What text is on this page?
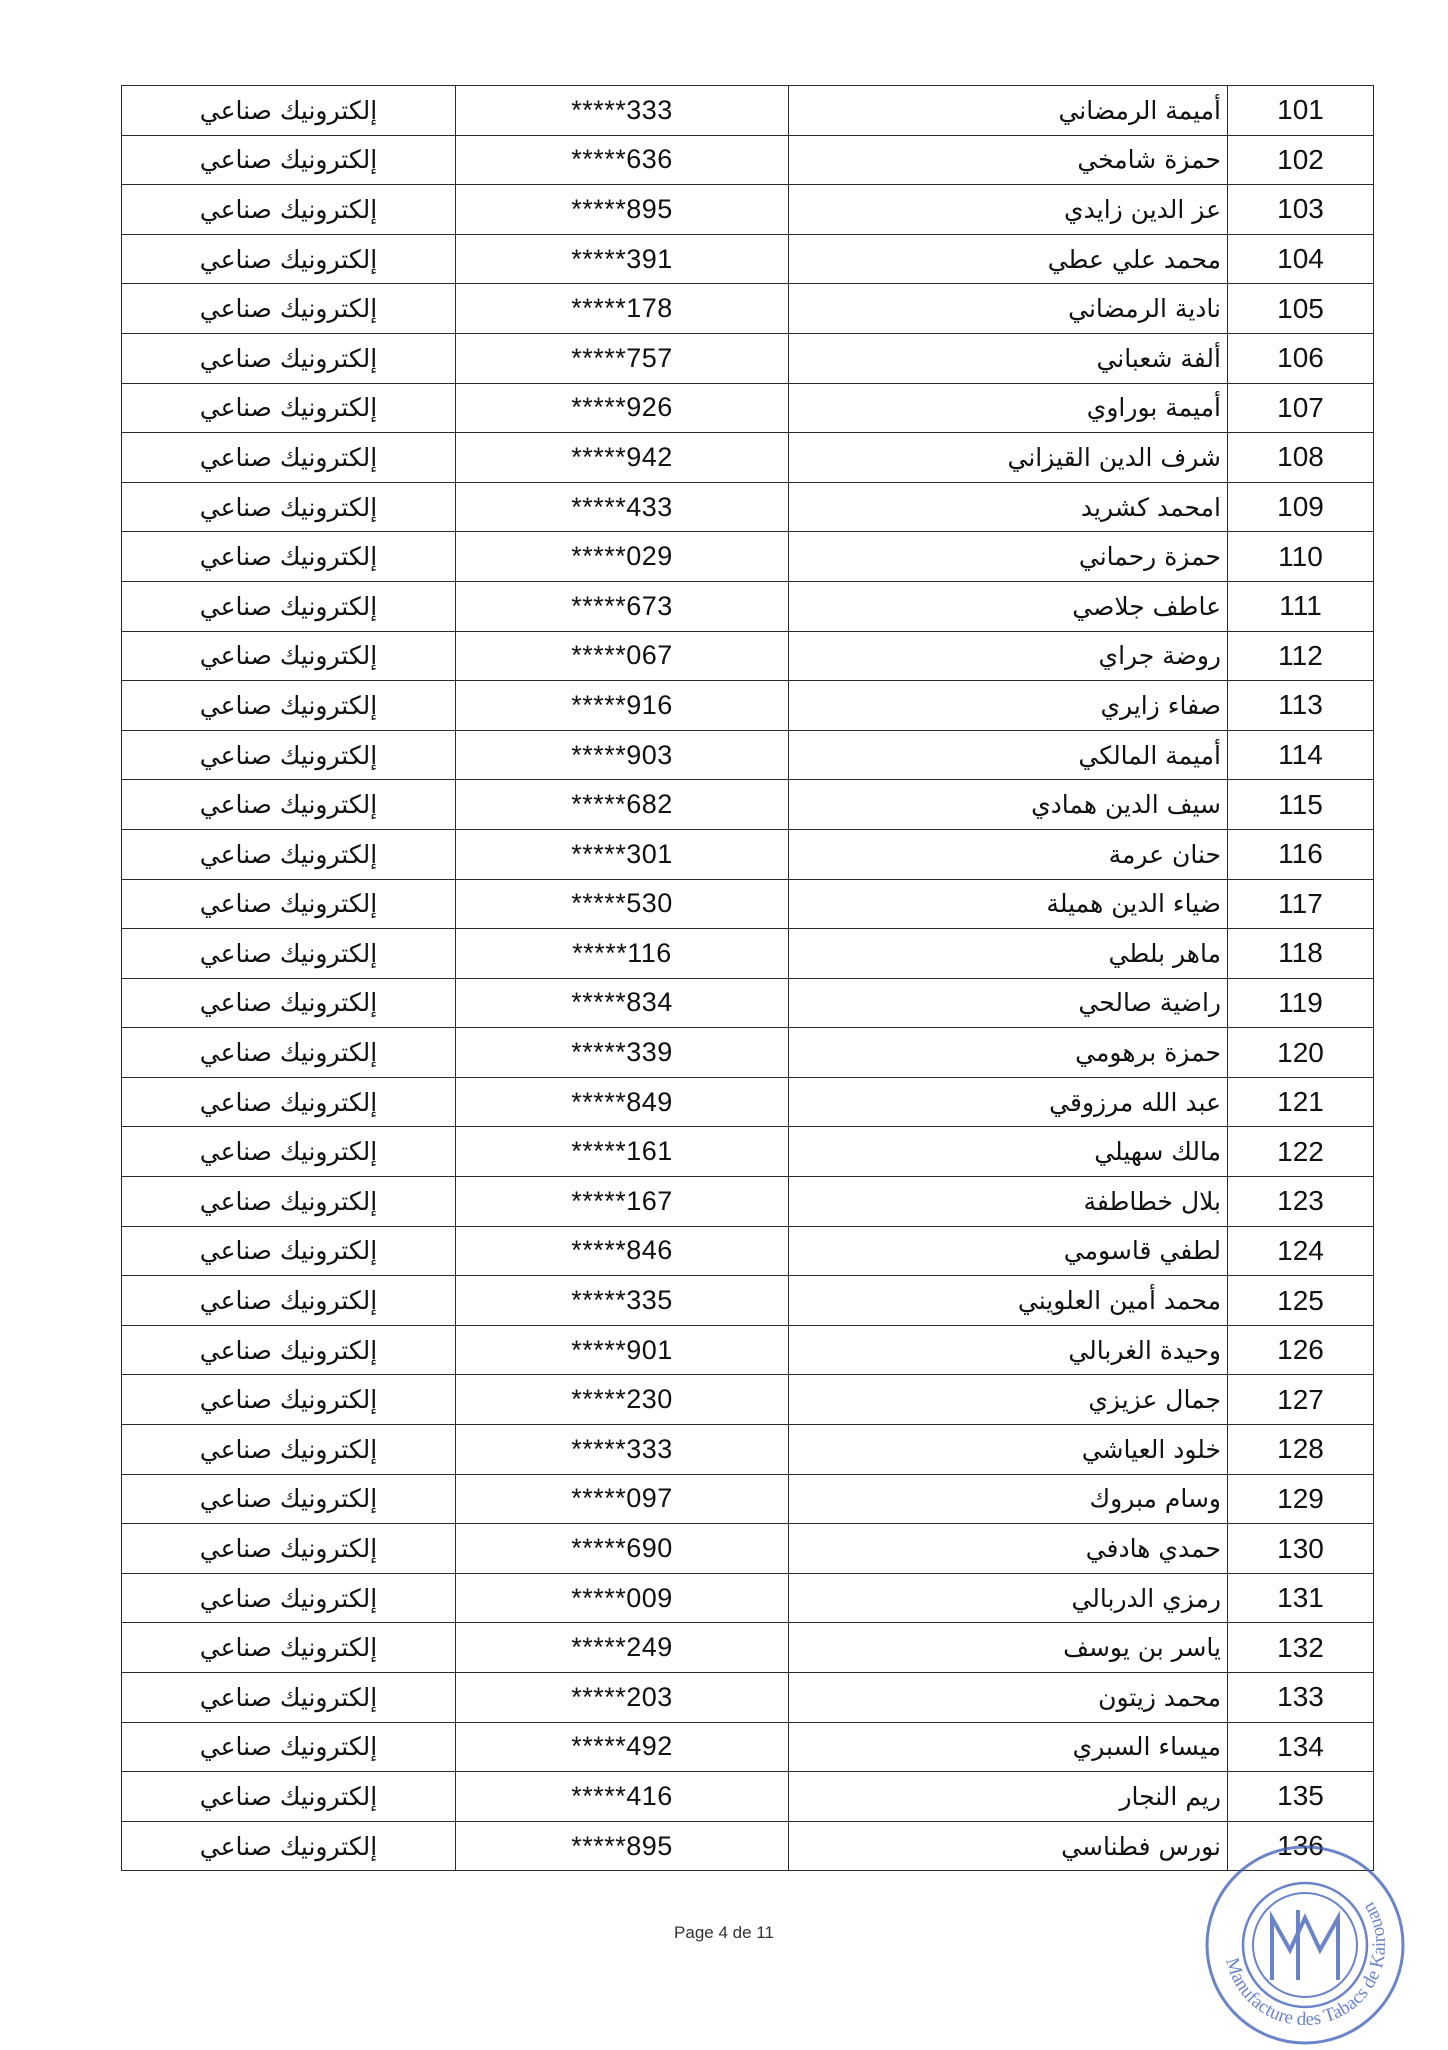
إلكترونيك صناعي	*****333	أميمة الرمضاني	101
إلكترونيك صناعي	*****636	حمزة شامخي	102
إلكترونيك صناعي	*****895	عز الدين زايدي	103
إلكترونيك صناعي	*****391	محمد علي عطي	104
إلكترونيك صناعي	*****178	نادية الرمضاني	105
إلكترونيك صناعي	*****757	ألفة شعباني	106
إلكترونيك صناعي	*****926	أميمة بوراوي	107
إلكترونيك صناعي	*****942	شرف الدين القيزاني	108
إلكترونيك صناعي	*****433	امحمد كشريد	109
إلكترونيك صناعي	*****029	حمزة رحماني	110
إلكترونيك صناعي	*****673	عاطف جلاصي	111
إلكترونيك صناعي	*****067	روضة جراي	112
إلكترونيك صناعي	*****916	صفاء زايري	113
إلكترونيك صناعي	*****903	أميمة المالكي	114
إلكترونيك صناعي	*****682	سيف الدين همادي	115
إلكترونيك صناعي	*****301	حنان عرمة	116
إلكترونيك صناعي	*****530	ضياء الدين هميلة	117
إلكترونيك صناعي	*****116	ماهر بلطي	118
إلكترونيك صناعي	*****834	راضية صالحي	119
إلكترونيك صناعي	*****339	حمزة برهومي	120
إلكترونيك صناعي	*****849	عبد الله مرزوقي	121
إلكترونيك صناعي	*****161	مالك سهيلي	122
إلكترونيك صناعي	*****167	بلال خطاطفة	123
إلكترونيك صناعي	*****846	لطفي قاسومي	124
إلكترونيك صناعي	*****335	محمد أمين العلويني	125
إلكترونيك صناعي	*****901	وحيدة الغربالي	126
إلكترونيك صناعي	*****230	جمال عزيزي	127
إلكترونيك صناعي	*****333	خلود العياشي	128
إلكترونيك صناعي	*****097	وسام مبروك	129
إلكترونيك صناعي	*****690	حمدي هادفي	130
إلكترونيك صناعي	*****009	رمزي الدربالي	131
إلكترونيك صناعي	*****249	ياسر بن يوسف	132
إلكترونيك صناعي	*****203	محمد زيتون	133
إلكترونيك صناعي	*****492	ميساء السبري	134
إلكترونيك صناعي	*****416	ريم النجار	135
إلكترونيك صناعي	*****895	نورس فطناسي	136
Page 4 de 11
Manufacture des Tabacs de Kairouan
